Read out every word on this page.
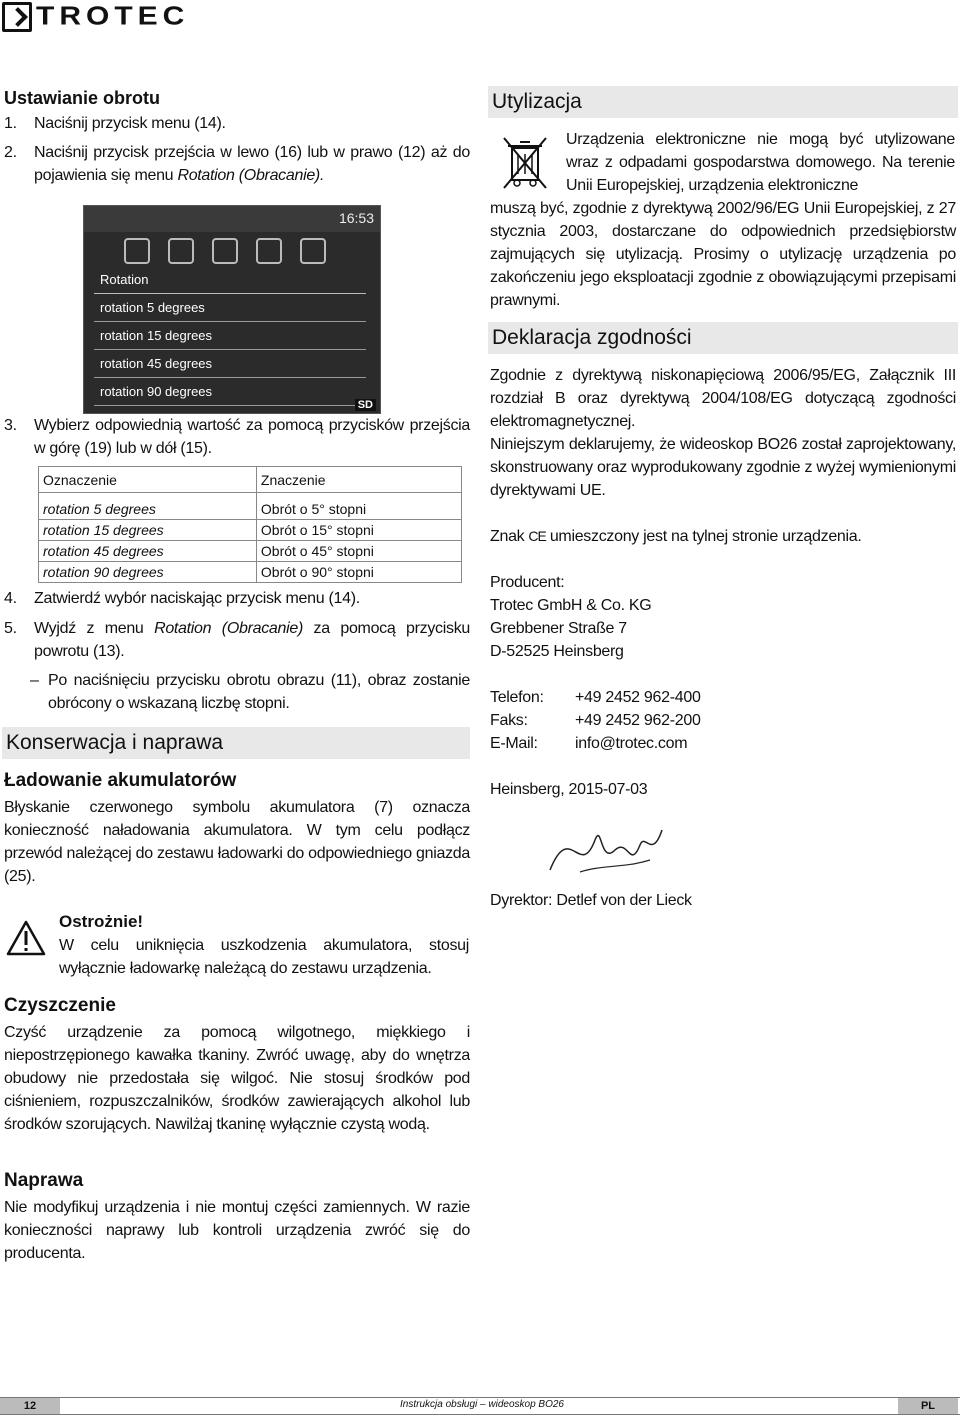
TROTEC
Ustawianie obrotu
1. Naciśnij przycisk menu (14).
2. Naciśnij przycisk przejścia w lewo (16) lub w prawo (12) aż do pojawienia się menu Rotation (Obracanie).
16:53
Rotation
rotation 5 degrees
rotation 15 degrees
rotation 45 degrees
rotation 90 degrees
SD
3. Wybierz odpowiednią wartość za pomocą przycisków przejścia w górę (19) lub w dół (15).
Oznaczenie	Znaczenie
rotation 5 degrees	Obrót o 5° stopni
rotation 15 degrees	Obrót o 15° stopni
rotation 45 degrees	Obrót o 45° stopni
rotation 90 degrees	Obrót o 90° stopni
4. Zatwierdź wybór naciskając przycisk menu (14).
5. Wyjdź z menu Rotation (Obracanie) za pomocą przycisku powrotu (13).
– Po naciśnięciu przycisku obrotu obrazu (11), obraz zostanie obrócony o wskazaną liczbę stopni.
Konserwacja i naprawa
Ładowanie akumulatorów

Błyskanie czerwonego symbolu akumulatora (7) oznacza konieczność naładowania akumulatora. W tym celu podłącz przewód należącej do zestawu ładowarki do odpowiedniego gniazda (25).

Ostrożnie!

W celu uniknięcia uszkodzenia akumulatora, stosuj wyłącznie ładowarkę należącą do zestawu urządzenia.

Czyszczenie

Czyść urządzenie za pomocą wilgotnego, miękkiego i niepostrzępionego kawałka tkaniny. Zwróć uwagę, aby do wnętrza obudowy nie przedostała się wilgoć. Nie stosuj środków pod ciśnieniem, rozpuszczalników, środków zawierających alkohol lub środków szorujących. Nawilżaj tkaninę wyłącznie czystą wodą.

Naprawa

Nie modyfikuj urządzenia i nie montuj części zamiennych. W razie konieczności naprawy lub kontroli urządzenia zwróć się do producenta.

Utylizacja

Urządzenia elektroniczne nie mogą być utylizowane wraz z odpadami gospodarstwa domowego. Na terenie Unii Europejskiej, urządzenia elektroniczne

muszą być, zgodnie z dyrektywą 2002/96/EG Unii Europejskiej, z 27 stycznia 2003, dostarczane do odpowiednich przedsiębiorstw zajmujących się utylizacją. Prosimy o utylizację urządzenia po zakończeniu jego eksploatacji zgodnie z obowiązującymi przepisami prawnymi.

Deklaracja zgodności

Zgodnie z dyrektywą niskonapięciową 2006/95/EG, Załącznik III rozdział B oraz dyrektywą 2004/108/EG dotyczącą zgodności elektromagnetycznej.

Niniejszym deklarujemy, że wideoskop BO26 został zaprojektowany, skonstruowany oraz wyprodukowany zgodnie z wyżej wymienionymi dyrektywami UE.

Znak CE umieszczony jest na tylnej stronie urządzenia.

Producent:

Trotec GmbH & Co. KG

Grebbener Straße 7

D-52525 Heinsberg

Telefon:	+49 2452 962-400

Faks:	+49 2452 962-200

E-Mail:	info@trotec.com

Heinsberg, 2015-07-03

Dyrektor: Detlef von der Lieck

12	Instrukcja obsługi – wideoskop BO26	PL
